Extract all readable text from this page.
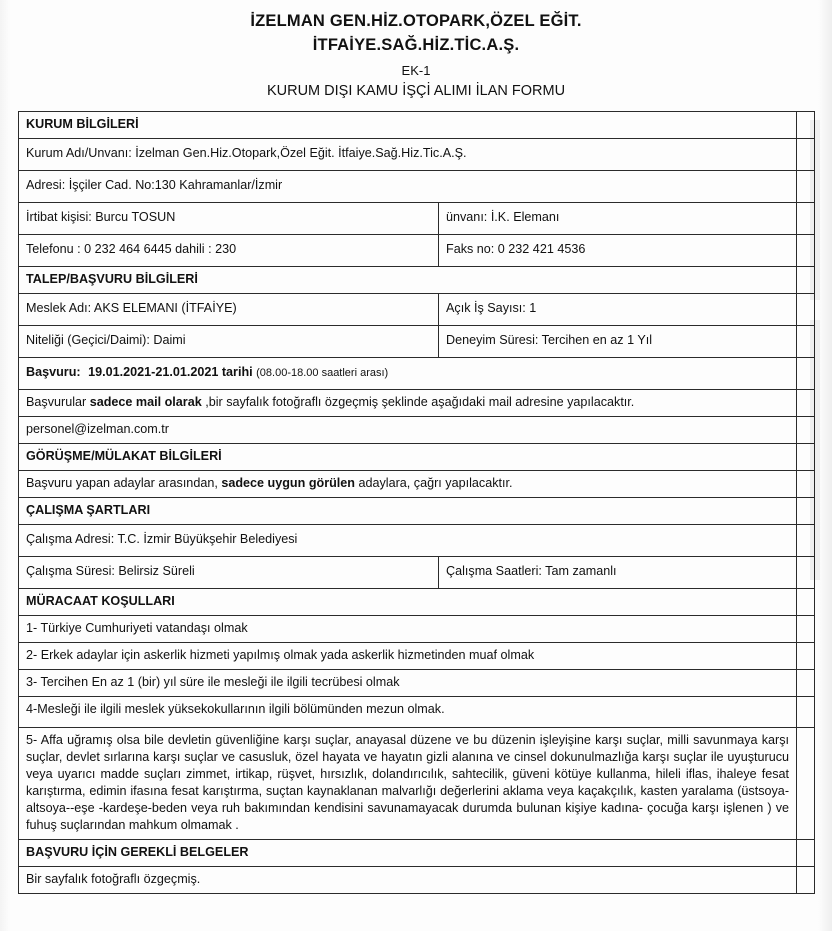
İZELMAN GEN.HİZ.OTOPARK,ÖZEL EĞİT.
İTFAİYE.SAĞ.HİZ.TİC.A.Ş.
EK-1
KURUM DIŞI KAMU İŞÇİ ALIMI İLAN FORMU
KURUM BİLGİLERİ		
Kurum Adı/Unvanı: İzelman Gen.Hiz.Otopark,Özel Eğit. İtfaiye.Sağ.Hiz.Tic.A.Ş.		
Adresi: İşçiler Cad. No:130 Kahramanlar/İzmir		
İrtibat kişisi: Burcu TOSUN	ünvanı: İ.K. Elemanı	
Telefonu : 0 232 464 6445 dahili : 230	Faks no: 0 232 421 4536	
TALEP/BAŞVURU BİLGİLERİ		
Meslek Adı: AKS ELEMANI (İTFAİYE)	Açık İş Sayısı: 1	
Niteliği (Geçici/Daimi): Daimi	Deneyim Süresi: Tercihen en az 1 Yıl	
Başvuru: 19.01.2021-21.01.2021 tarihi (08.00-18.00 saatleri arası)		
Başvurular sadece mail olarak ,bir sayfalık fotoğraflı özgeçmiş şeklinde aşağıdaki mail adresine yapılacaktır.		
personel@izelman.com.tr		
GÖRÜŞME/MÜLAKAT BİLGİLERİ		
Başvuru yapan adaylar arasından, sadece uygun görülen adaylara, çağrı yapılacaktır.		
ÇALIŞMA ŞARTLARI		
Çalışma Adresi: T.C. İzmir Büyükşehir Belediyesi		
Çalışma Süresi: Belirsiz Süreli	Çalışma Saatleri: Tam zamanlı	
MÜRACAAT KOŞULLARI		
1- Türkiye Cumhuriyeti vatandaşı olmak		
2- Erkek adaylar için askerlik hizmeti yapılmış olmak yada askerlik hizmetinden muaf olmak		
3- Tercihen En az 1 (bir) yıl süre ile mesleği ile ilgili tecrübesi olmak		
4-Mesleği ile ilgili meslek yüksekokullarının ilgili bölümünden mezun olmak.		
5- Affa uğramış olsa bile devletin güvenliğine karşı suçlar, anayasal düzene ve bu düzenin işleyişine karşı suçlar, milli savunmaya karşı suçlar, devlet sırlarına karşı suçlar ve casusluk, özel hayata ve hayatın gizli alanına ve cinsel dokunulmazlığa karşı suçlar ile uyuşturucu veya uyarıcı madde suçları zimmet, irtikap, rüşvet, hırsızlık, dolandırıcılık, sahtecilik, güveni kötüye kullanma, hileli iflas, ihaleye fesat karıştırma, edimin ifasına fesat karıştırma, suçtan kaynaklanan malvarlığı değerlerini aklama veya kaçakçılık, kasten yaralama (üstsoya-altsoya--eşe -kardeşe-beden veya ruh bakımından kendisini savunamayacak durumda bulunan kişiye kadına- çocuğa karşı işlenen ) ve fuhuş suçlarından mahkum olmamak .		
BAŞVURU İÇİN GEREKLİ BELGELER		
Bir sayfalık fotoğraflı özgeçmiş.		
